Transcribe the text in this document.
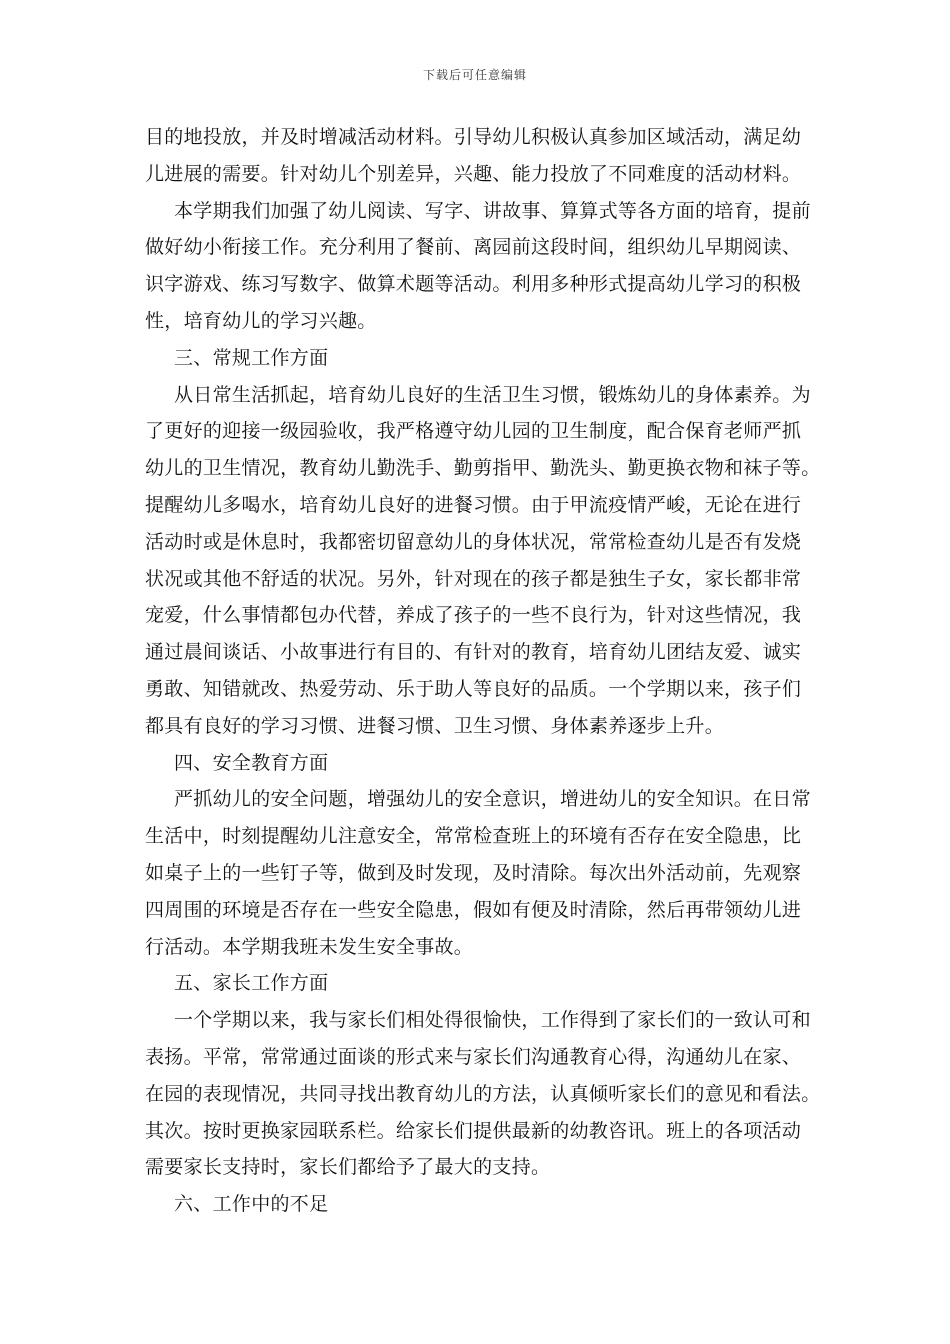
下载后可任意编辑
目的地投放，并及时增减活动材料。引导幼儿积极认真参加区域活动，满足幼
儿进展的需要。针对幼儿个别差异，兴趣、能力投放了不同难度的活动材料。
本学期我们加强了幼儿阅读、写字、讲故事、算算式等各方面的培育，提前
做好幼小衔接工作。充分利用了餐前、离园前这段时间，组织幼儿早期阅读、
识字游戏、练习写数字、做算术题等活动。利用多种形式提高幼儿学习的积极
性，培育幼儿的学习兴趣。
三、常规工作方面
从日常生活抓起，培育幼儿良好的生活卫生习惯，锻炼幼儿的身体素养。为
了更好的迎接一级园验收，我严格遵守幼儿园的卫生制度，配合保育老师严抓
幼儿的卫生情况，教育幼儿勤洗手、勤剪指甲、勤洗头、勤更换衣物和袜子等。
提醒幼儿多喝水，培育幼儿良好的进餐习惯。由于甲流疫情严峻，无论在进行
活动时或是休息时，我都密切留意幼儿的身体状况，常常检查幼儿是否有发烧
状况或其他不舒适的状况。另外，针对现在的孩子都是独生子女，家长都非常
宠爱，什么事情都包办代替，养成了孩子的一些不良行为，针对这些情况，我
通过晨间谈话、小故事进行有目的、有针对的教育，培育幼儿团结友爱、诚实
勇敢、知错就改、热爱劳动、乐于助人等良好的品质。一个学期以来，孩子们
都具有良好的学习习惯、进餐习惯、卫生习惯、身体素养逐步上升。
四、安全教育方面
严抓幼儿的安全问题，增强幼儿的安全意识，增进幼儿的安全知识。在日常
生活中，时刻提醒幼儿注意安全，常常检查班上的环境有否存在安全隐患，比
如桌子上的一些钉子等，做到及时发现，及时清除。每次出外活动前，先观察
四周围的环境是否存在一些安全隐患，假如有便及时清除，然后再带领幼儿进
行活动。本学期我班未发生安全事故。
五、家长工作方面
一个学期以来，我与家长们相处得很愉快，工作得到了家长们的一致认可和
表扬。平常，常常通过面谈的形式来与家长们沟通教育心得，沟通幼儿在家、
在园的表现情况，共同寻找出教育幼儿的方法，认真倾听家长们的意见和看法。
其次。按时更换家园联系栏。给家长们提供最新的幼教咨讯。班上的各项活动
需要家长支持时，家长们都给予了最大的支持。
六、工作中的不足
